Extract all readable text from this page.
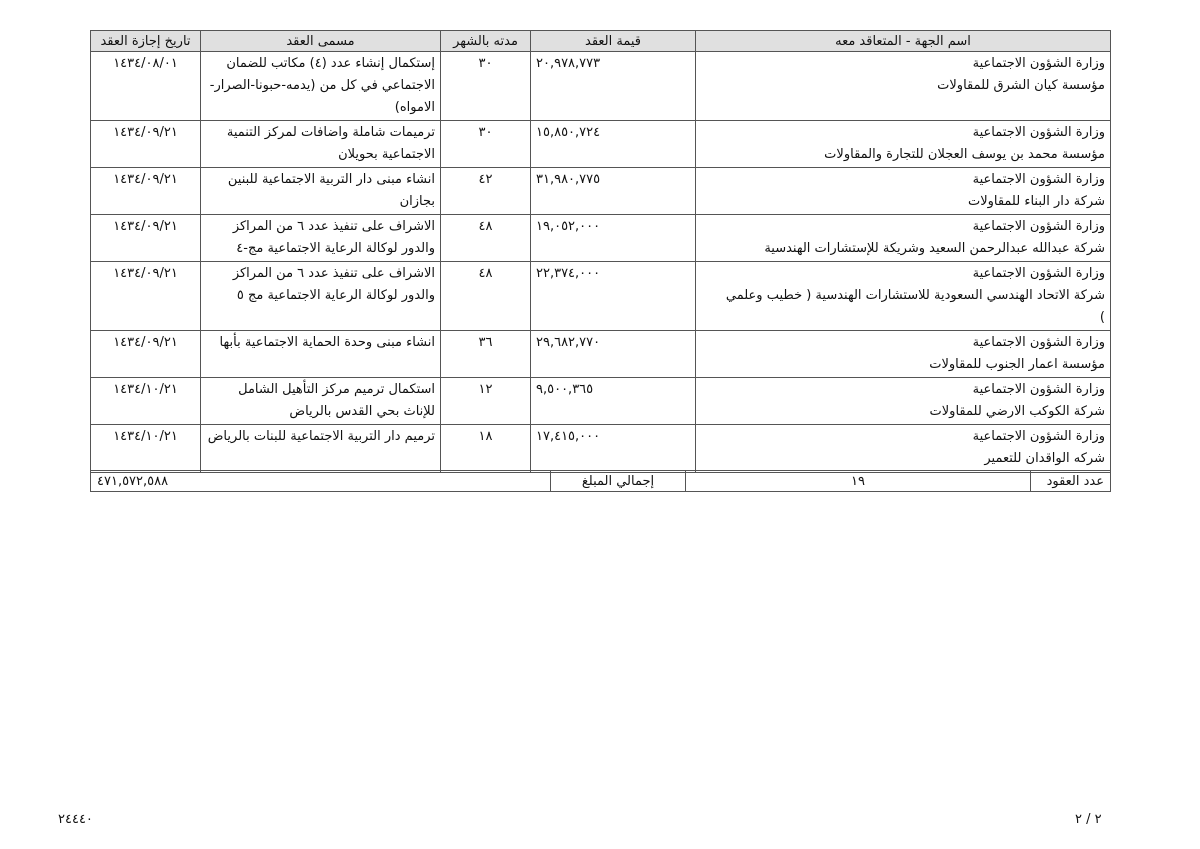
اسم الجهة - المتعاقد معه	قيمة العقد	مدته بالشهر	مسمى العقد	تاريخ إجازة العقد

وزارة الشؤون الاجتماعية
مؤسسة كيان الشرق للمقاولات	٢٠,٩٧٨,٧٧٣	٣٠	إستكمال إنشاء عدد (٤) مكاتب للضمان الاجتماعي في كل من (يدمه-حبونا-الصرار-الامواه)	١٤٣٤/٠٨/٠١

وزارة الشؤون الاجتماعية
مؤسسة محمد بن يوسف العجلان للتجارة والمقاولات	١٥,٨٥٠,٧٢٤	٣٠	ترميمات شاملة واضافات لمركز التنمية الاجتماعية بحويلان	١٤٣٤/٠٩/٢١

وزارة الشؤون الاجتماعية
شركة دار البناء للمقاولات	٣١,٩٨٠,٧٧٥	٤٢	انشاء مبنى دار التربية الاجتماعية للبنين بجازان	١٤٣٤/٠٩/٢١

وزارة الشؤون الاجتماعية
شركة عبدالله عبدالرحمن السعيد وشريكة للإستشارات الهندسية	١٩,٠٥٢,٠٠٠	٤٨	الاشراف على تنفيذ عدد ٦ من المراكز والدور لوكالة الرعاية الاجتماعية مج-٤	١٤٣٤/٠٩/٢١

وزارة الشؤون الاجتماعية
شركة الاتحاد الهندسي السعودية للاستشارات الهندسية ( خطيب وعلمي
)	٢٢,٣٧٤,٠٠٠	٤٨	الاشراف على تنفيذ عدد ٦ من المراكز والدور لوكالة الرعاية الاجتماعية مج ٥	١٤٣٤/٠٩/٢١

وزارة الشؤون الاجتماعية
مؤسسة اعمار الجنوب للمقاولات	٢٩,٦٨٢,٧٧٠	٣٦	انشاء مبنى وحدة الحماية الاجتماعية بأبها	١٤٣٤/٠٩/٢١

وزارة الشؤون الاجتماعية
شركة الكوكب الارضي للمقاولات	٩,٥٠٠,٣٦٥	١٢	استكمال ترميم مركز التأهيل الشامل للإناث بحي القدس بالرياض	١٤٣٤/١٠/٢١

وزارة الشؤون الاجتماعية
شركه الواقدان للتعمير	١٧,٤١٥,٠٠٠	١٨	ترميم دار التربية الاجتماعية للبنات بالرياض	١٤٣٤/١٠/٢١
عدد العقود	١٩	إجمالي المبلغ	٤٧١,٥٧٢,٥٨٨
٢ / ٢
٢٤٤٤٠
